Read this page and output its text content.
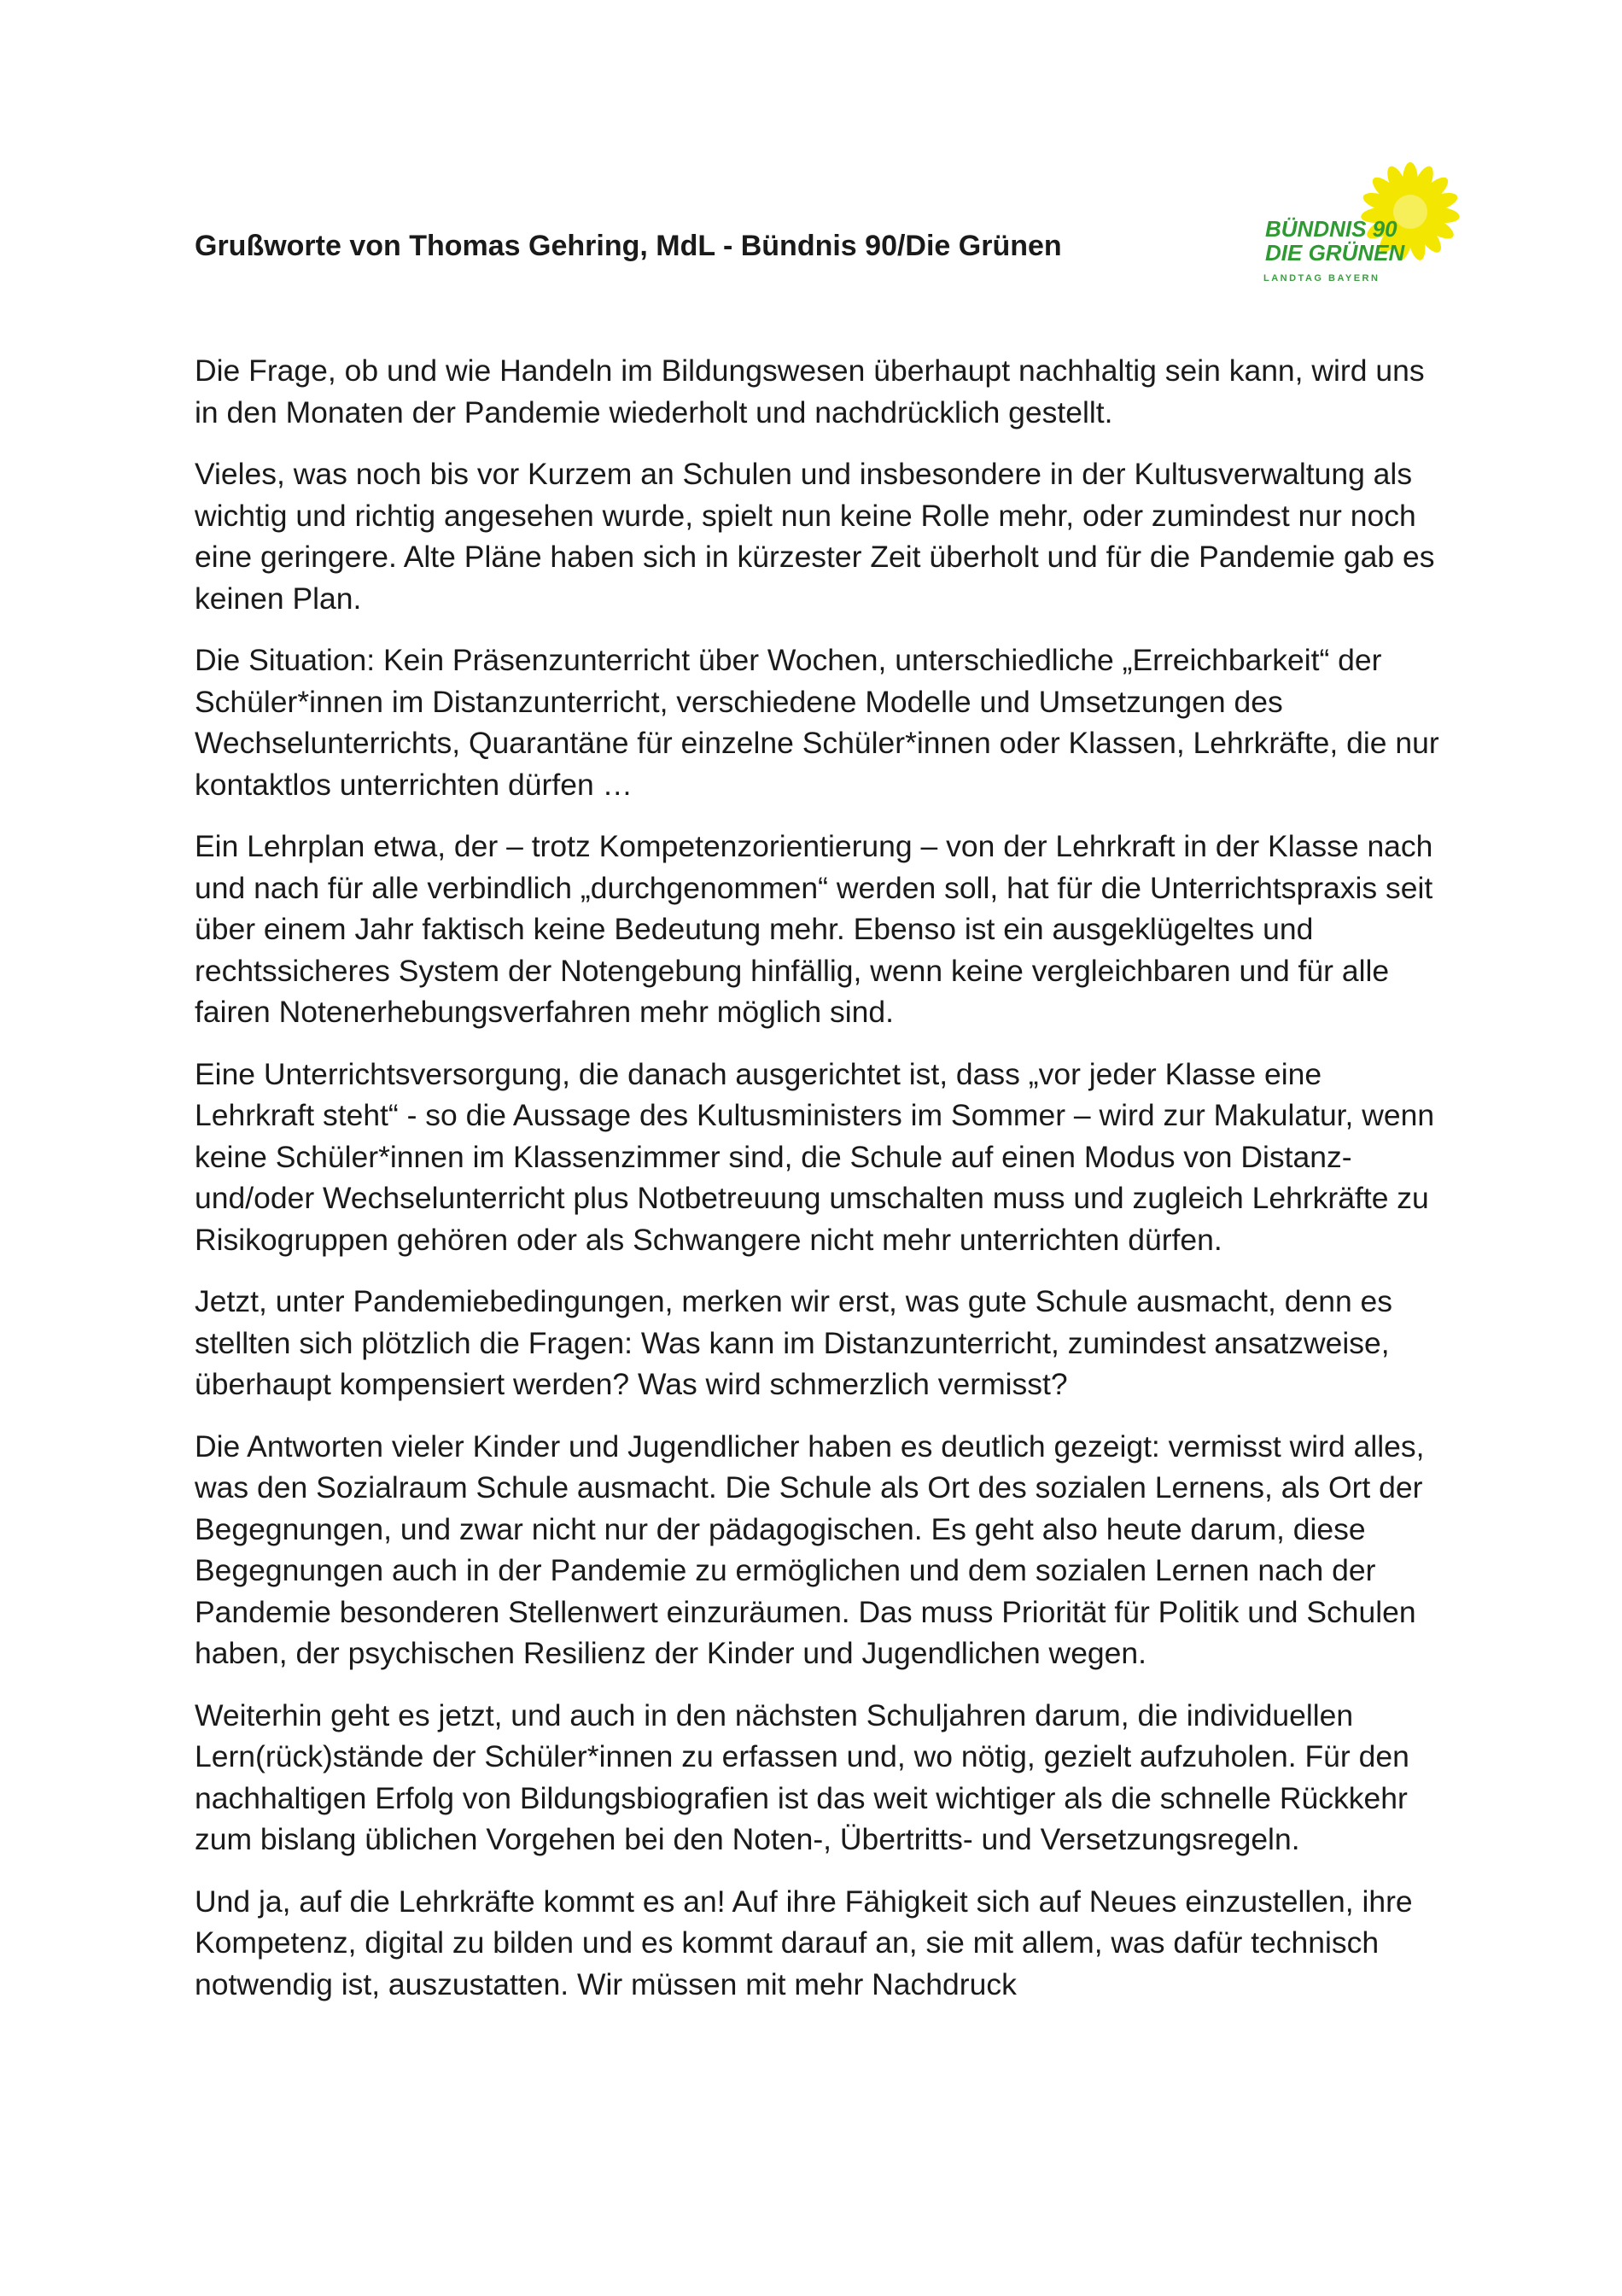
Grußworte von Thomas Gehring, MdL - Bündnis 90/Die Grünen
BÜNDNIS 90
DIE GRÜNEN
LANDTAG BAYERN

Die Frage, ob und wie Handeln im Bildungswesen überhaupt nachhaltig sein kann, wird uns in den Monaten der Pandemie wiederholt und nachdrücklich gestellt.

Vieles, was noch bis vor Kurzem an Schulen und insbesondere in der Kultusverwaltung als wichtig und richtig angesehen wurde, spielt nun keine Rolle mehr, oder zumindest nur noch eine geringere. Alte Pläne haben sich in kürzester Zeit überholt und für die Pandemie gab es keinen Plan.

Die Situation: Kein Präsenzunterricht über Wochen, unterschiedliche „Erreichbarkeit“ der Schüler*innen im Distanzunterricht, verschiedene Modelle und Umsetzungen des Wechselunterrichts, Quarantäne für einzelne Schüler*innen oder Klassen, Lehrkräfte, die nur kontaktlos unterrichten dürfen …

Ein Lehrplan etwa, der – trotz Kompetenzorientierung – von der Lehrkraft in der Klasse nach und nach für alle verbindlich „durchgenommen“ werden soll, hat für die Unterrichtspraxis seit über einem Jahr faktisch keine Bedeutung mehr. Ebenso ist ein ausgeklügeltes und rechtssicheres System der Notengebung hinfällig, wenn keine vergleichbaren und für alle fairen Notenerhebungsverfahren mehr möglich sind.

Eine Unterrichtsversorgung, die danach ausgerichtet ist, dass „vor jeder Klasse eine Lehrkraft steht“ - so die Aussage des Kultusministers im Sommer – wird zur Makulatur, wenn keine Schüler*innen im Klassenzimmer sind, die Schule auf einen Modus von Distanz- und/oder Wechselunterricht plus Notbetreuung umschalten muss und zugleich Lehrkräfte zu Risikogruppen gehören oder als Schwangere nicht mehr unterrichten dürfen.

Jetzt, unter Pandemiebedingungen, merken wir erst, was gute Schule ausmacht, denn es stellten sich plötzlich die Fragen: Was kann im Distanzunterricht, zumindest ansatzweise, überhaupt kompensiert werden? Was wird schmerzlich vermisst?

Die Antworten vieler Kinder und Jugendlicher haben es deutlich gezeigt: vermisst wird alles, was den Sozialraum Schule ausmacht. Die Schule als Ort des sozialen Lernens, als Ort der Begegnungen, und zwar nicht nur der pädagogischen. Es geht also heute darum, diese Begegnungen auch in der Pandemie zu ermöglichen und dem sozialen Lernen nach der Pandemie besonderen Stellenwert einzuräumen. Das muss Priorität für Politik und Schulen haben, der psychischen Resilienz der Kinder und Jugendlichen wegen.

Weiterhin geht es jetzt, und auch in den nächsten Schuljahren darum, die individuellen Lern(rück)stände der Schüler*innen zu erfassen und, wo nötig, gezielt aufzuholen. Für den nachhaltigen Erfolg von Bildungsbiografien ist das weit wichtiger als die schnelle Rückkehr zum bislang üblichen Vorgehen bei den Noten-, Übertritts- und Versetzungsregeln.

Und ja, auf die Lehrkräfte kommt es an! Auf ihre Fähigkeit sich auf Neues einzustellen, ihre Kompetenz, digital zu bilden und es kommt darauf an, sie mit allem, was dafür technisch notwendig ist, auszustatten. Wir müssen mit mehr Nachdruck
